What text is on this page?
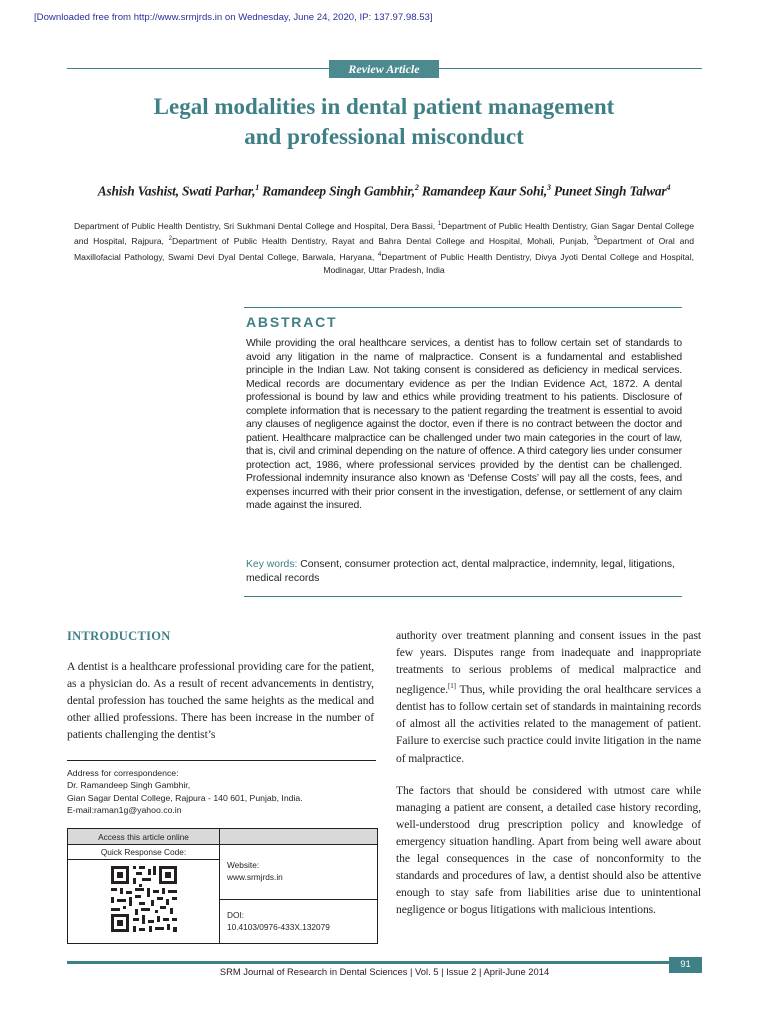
[Downloaded free from http://www.srmjrds.in on Wednesday, June 24, 2020, IP: 137.97.98.53]
Review Article
Legal modalities in dental patient management
and professional misconduct
Ashish Vashist, Swati Parhar,$^1$ Ramandeep Singh Gambhir,$^2$ Ramandeep Kaur Sohi,$^3$ Puneet Singh Talwar$^4$
Department of Public Health Dentistry, Sri Sukhmani Dental College and Hospital, Dera Bassi, $^1$Department of Public Health Dentistry, Gian Sagar Dental College and Hospital, Rajpura, $^2$Department of Public Health Dentistry, Rayat and Bahra Dental College and Hospital, Mohali, Punjab, $^3$Department of Oral and Maxillofacial Pathology, Swami Devi Dyal Dental College, Barwala, Haryana, $^4$Department of Public Health Dentistry, Divya Jyoti Dental College and Hospital, Modinagar, Uttar Pradesh, India
ABSTRACT
While providing the oral healthcare services, a dentist has to follow certain set of standards to avoid any litigation in the name of malpractice. Consent is a fundamental and established principle in the Indian Law. Not taking consent is considered as deficiency in medical services. Medical records are documentary evidence as per the Indian Evidence Act, 1872. A dental professional is bound by law and ethics while providing treatment to his patients. Disclosure of complete information that is necessary to the patient regarding the treatment is essential to avoid any clauses of negligence against the doctor, even if there is no contract between the doctor and patient. Healthcare malpractice can be challenged under two main categories in the court of law, that is, civil and criminal depending on the nature of offence. A third category lies under consumer protection act, 1986, where professional services provided by the dentist can be challenged. Professional indemnity insurance also known as ‘Defense Costs’ will pay all the costs, fees, and expenses incurred with their prior consent in the investigation, defense, or settlement of any claim made against the insured.
Key words: Consent, consumer protection act, dental malpractice, indemnity, legal, litigations, medical records
INTRODUCTION

A dentist is a healthcare professional providing care for the patient, as a physician do. As a result of recent advancements in dentistry, dental profession has touched the same heights as the medical and other allied professions. There has been increase in the number of patients challenging the dentist’s

Address for correspondence:
Dr. Ramandeep Singh Gambhir,
Gian Sagar Dental College, Rajpura - 140 601, Punjab, India.
E-mail:raman1g@yahoo.co.in
Access this article online
Quick Response Code:
Website:
www.srmjrds.in
DOI:
10.4103/0976-433X.132079

authority over treatment planning and consent issues in the past few years. Disputes range from inadequate and inappropriate treatments to serious problems of medical malpractice and negligence.[1] Thus, while providing the oral healthcare services a dentist has to follow certain set of standards in maintaining records of almost all the activities related to the management of patient. Failure to exercise such practice could invite litigation in the name of malpractice.

The factors that should be considered with utmost care while managing a patient are consent, a detailed case history recording, well-understood drug prescription policy and knowledge of emergency situation handling. Apart from being well aware about the legal consequences in the case of nonconformity to the standards and procedures of law, a dentist should also be attentive enough to stay safe from liabilities arise due to unintentional negligence or bogus litigations with malicious intentions.

91
SRM Journal of Research in Dental Sciences | Vol. 5 | Issue 2 | April-June 2014
